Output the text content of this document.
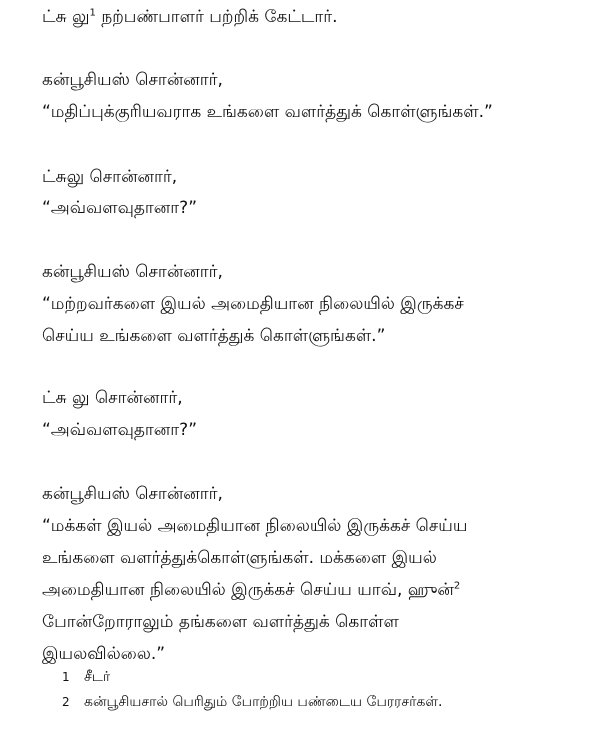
ட்சு லு$^1$ நற்பண்பாளர் பற்றிக் கேட்டார்.
கன்பூசியஸ் சொன்னார்,
“மதிப்புக்குரியவராக உங்களை வளர்த்துக் கொள்ளுங்கள்.”
ட்சுலு சொன்னார்,
“அவ்வளவுதானா?”
கன்பூசியஸ் சொன்னார்,
“மற்றவர்களை இயல் அமைதியான நிலையில் இருக்கச்
செய்ய உங்களை வளர்த்துக் கொள்ளுங்கள்.”
ட்சு லு சொன்னார்,
“அவ்வளவுதானா?”
கன்பூசியஸ் சொன்னார்,
“மக்கள் இயல் அமைதியான நிலையில் இருக்கச் செய்ய
உங்களை வளர்த்துக்கொள்ளுங்கள். மக்களை இயல்
அமைதியான நிலையில் இருக்கச் செய்ய யாவ், ஹுன்$^2$
போன்றோராலும் தங்களை வளர்த்துக் கொள்ள
இயலவில்லை.”
1 சீடர்
2 கன்பூசியசால் பெரிதும் போற்றிய பண்டைய பேரரசர்கள்.
